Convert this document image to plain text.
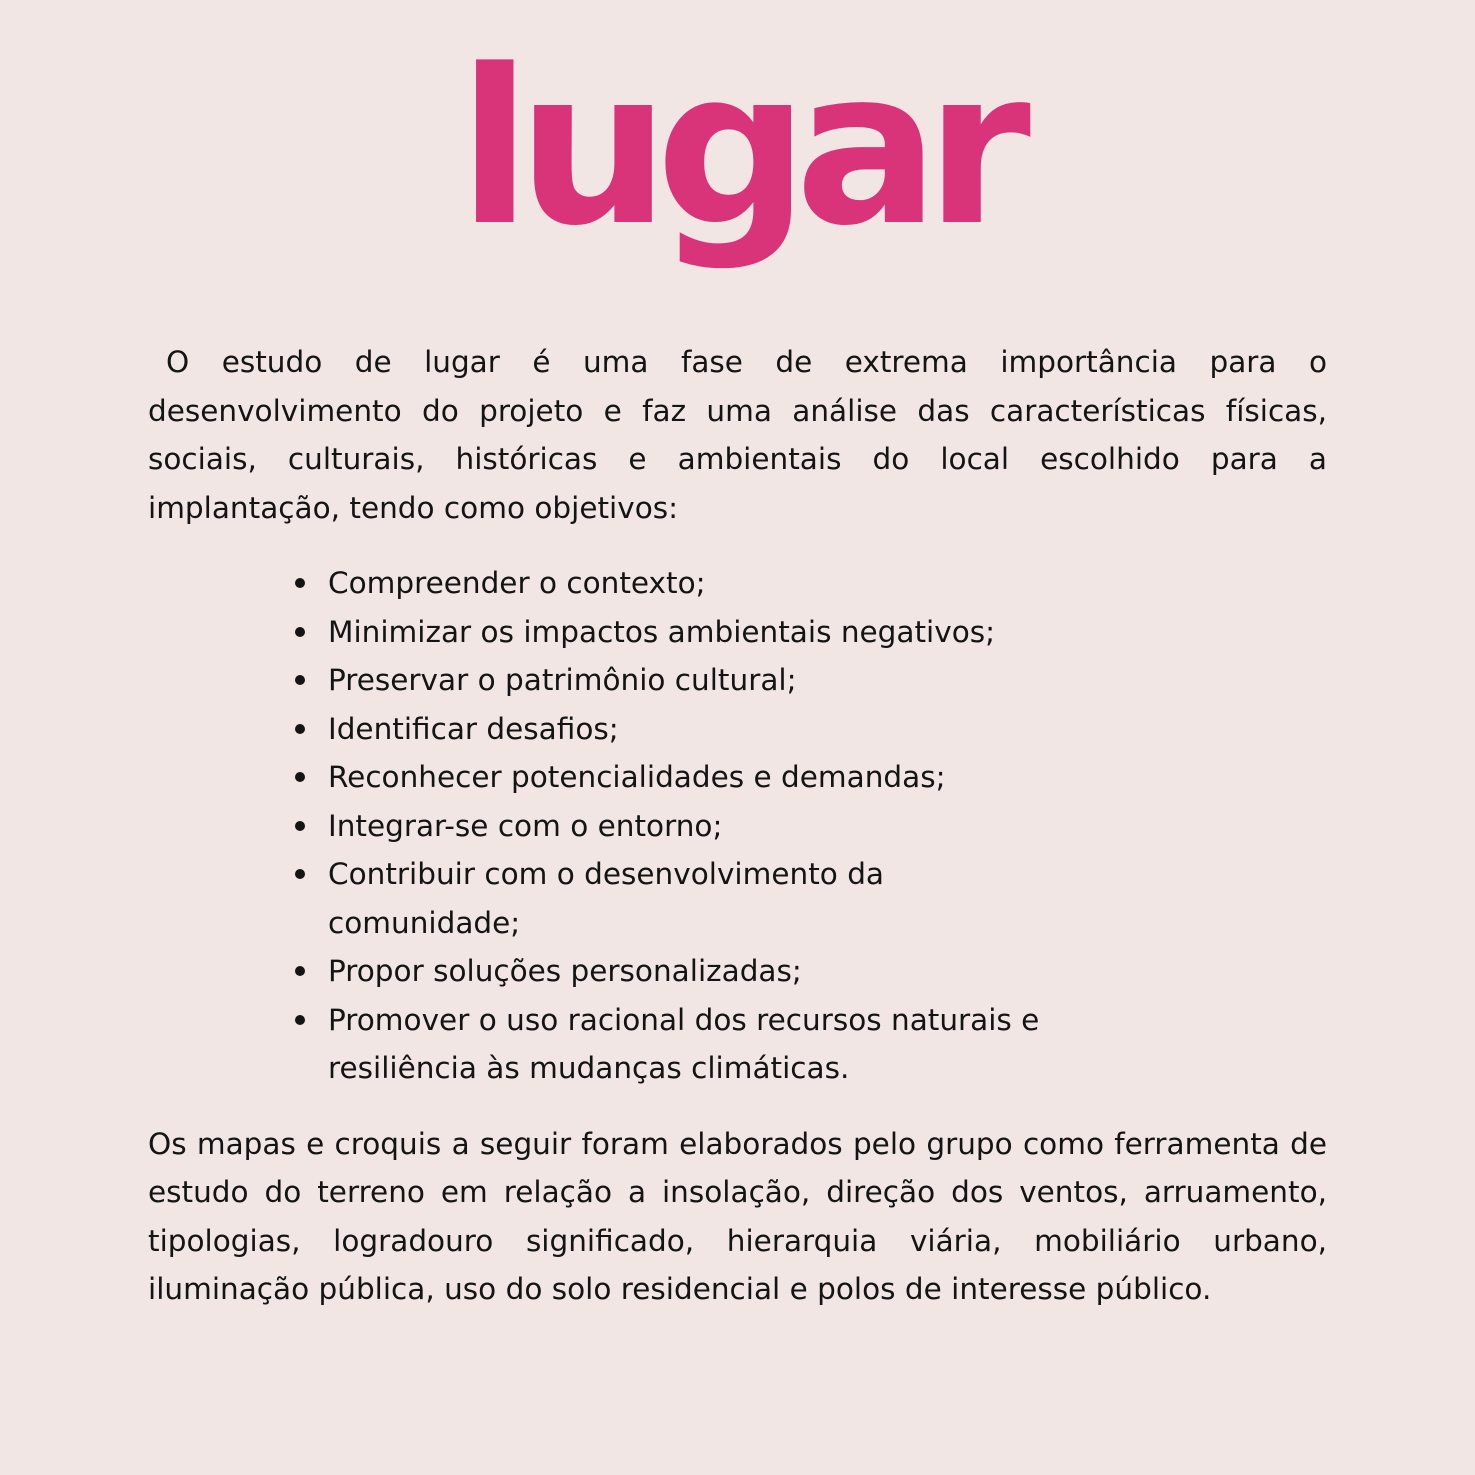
lugar

O estudo de lugar é uma fase de extrema importância para o desenvolvimento do projeto e faz uma análise das características físicas, sociais, culturais, históricas e ambientais do local escolhido para a implantação, tendo como objetivos:

Compreender o contexto;
Minimizar os impactos ambientais negativos;
Preservar o patrimônio cultural;
Identificar desafios;
Reconhecer potencialidades e demandas;
Integrar-se com o entorno;
Contribuir com o desenvolvimento da comunidade;
Propor soluções personalizadas;
Promover o uso racional dos recursos naturais e resiliência às mudanças climáticas.

Os mapas e croquis a seguir foram elaborados pelo grupo como ferramenta de estudo do terreno em relação a insolação, direção dos ventos, arruamento, tipologias, logradouro significado, hierarquia viária, mobiliário urbano, iluminação pública, uso do solo residencial e polos de interesse público.
